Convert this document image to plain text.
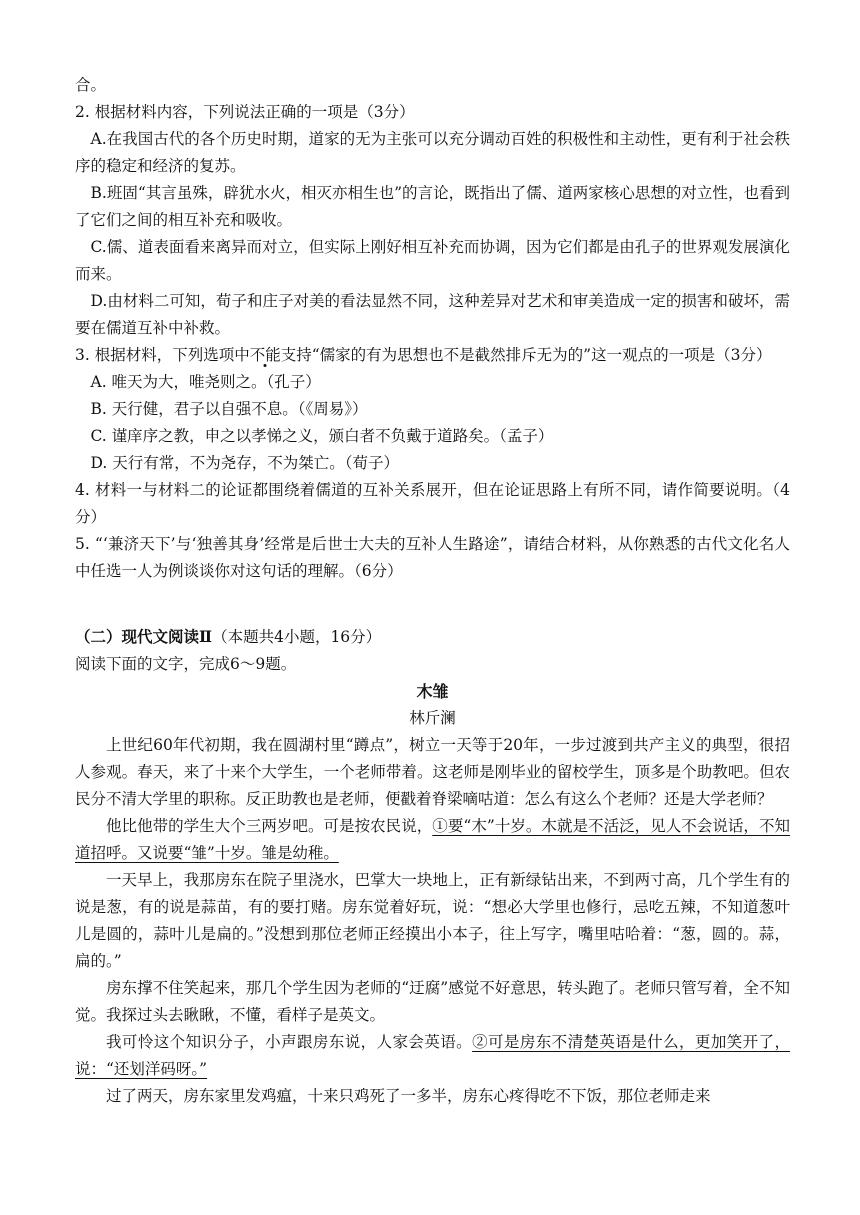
合。

2. 根据材料内容，下列说法正确的一项是（3分）

A.在我国古代的各个历史时期，道家的无为主张可以充分调动百姓的积极性和主动性，更有利于社会秩序的稳定和经济的复苏。

B.班固“其言虽殊，辟犹水火，相灭亦相生也”的言论，既指出了儒、道两家核心思想的对立性，也看到了它们之间的相互补充和吸收。

C.儒、道表面看来离异而对立，但实际上刚好相互补充而协调，因为它们都是由孔子的世界观发展演化而来。

D.由材料二可知，荀子和庄子对美的看法显然不同，这种差异对艺术和审美造成一定的损害和破坏，需要在儒道互补中补救。

3. 根据材料，下列选项中不能支持“儒家的有为思想也不是截然排斥无为的”这一观点的一项是（3分）

A. 唯天为大，唯尧则之。（孔子）

B. 天行健，君子以自强不息。（《周易》）

C. 谨庠序之教，申之以孝悌之义，颁白者不负戴于道路矣。（孟子）

D. 天行有常，不为尧存，不为桀亡。（荀子）

4. 材料一与材料二的论证都围绕着儒道的互补关系展开，但在论证思路上有所不同，请作简要说明。（4分）

5. “‘兼济天下’与‘独善其身’经常是后世士大夫的互补人生路途”，请结合材料，从你熟悉的古代文化名人中任选一人为例谈谈你对这句话的理解。（6分）

（二）现代文阅读Ⅱ（本题共4小题，16分）

阅读下面的文字，完成6～9题。

木雏

林斤澜

上世纪60年代初期，我在圆湖村里“蹲点”，树立一天等于20年，一步过渡到共产主义的典型，很招人参观。春天，来了十来个大学生，一个老师带着。这老师是刚毕业的留校学生，顶多是个助教吧。但农民分不清大学里的职称。反正助教也是老师，便戳着脊梁嘀咕道：怎么有这么个老师？还是大学老师？

他比他带的学生大个三两岁吧。可是按农民说，①要“木”十岁。木就是不活泛，见人不会说话，不知道招呼。又说要“雏”十岁。雏是幼稚。

一天早上，我那房东在院子里浇水，巴掌大一块地上，正有新绿钻出来，不到两寸高，几个学生有的说是葱，有的说是蒜苗，有的要打赌。房东觉着好玩，说：“想必大学里也修行，忌吃五辣，不知道葱叶儿是圆的，蒜叶儿是扁的。”没想到那位老师正经摸出小本子，往上写字，嘴里咕哈着：“葱，圆的。蒜，扁的。”

房东撑不住笑起来，那几个学生因为老师的“迂腐”感觉不好意思，转头跑了。老师只管写着，全不知觉。我探过头去瞅瞅，不懂，看样子是英文。

我可怜这个知识分子，小声跟房东说，人家会英语。②可是房东不清楚英语是什么，更加笑开了，说：“还划洋码呀。”

过了两天，房东家里发鸡瘟，十来只鸡死了一多半，房东心疼得吃不下饭，那位老师走来
